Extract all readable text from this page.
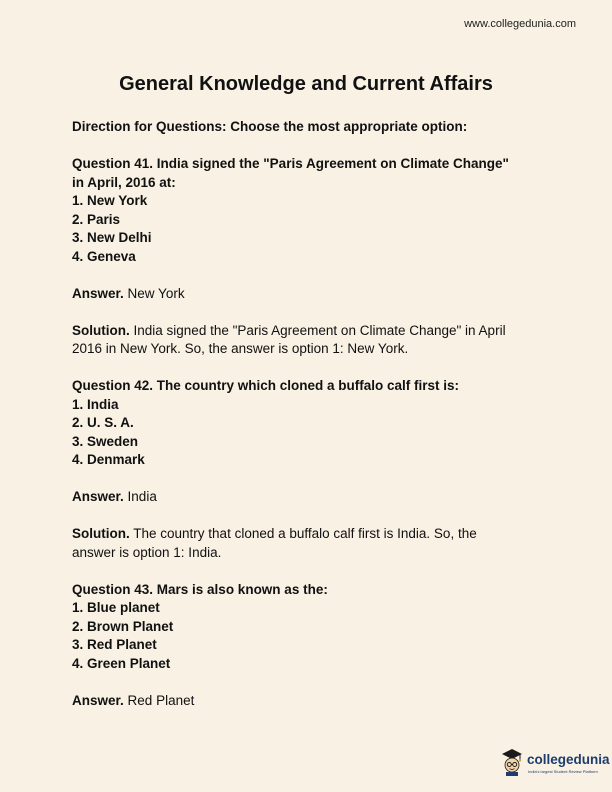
www.collegedunia.com
General Knowledge and Current Affairs
Direction for Questions: Choose the most appropriate option:
Question 41. India signed the "Paris Agreement on Climate Change"
in April, 2016 at:
1. New York
2. Paris
3. New Delhi
4. Geneva
Answer. New York
Solution. India signed the "Paris Agreement on Climate Change" in April
2016 in New York. So, the answer is option 1: New York.
Question 42. The country which cloned a buffalo calf first is:
1. India
2. U. S. A.
3. Sweden
4. Denmark
Answer. India
Solution. The country that cloned a buffalo calf first is India. So, the
answer is option 1: India.
Question 43. Mars is also known as the:
1. Blue planet
2. Brown Planet
3. Red Planet
4. Green Planet
Answer. Red Planet
collegedunia
India's largest Student Review Platform
